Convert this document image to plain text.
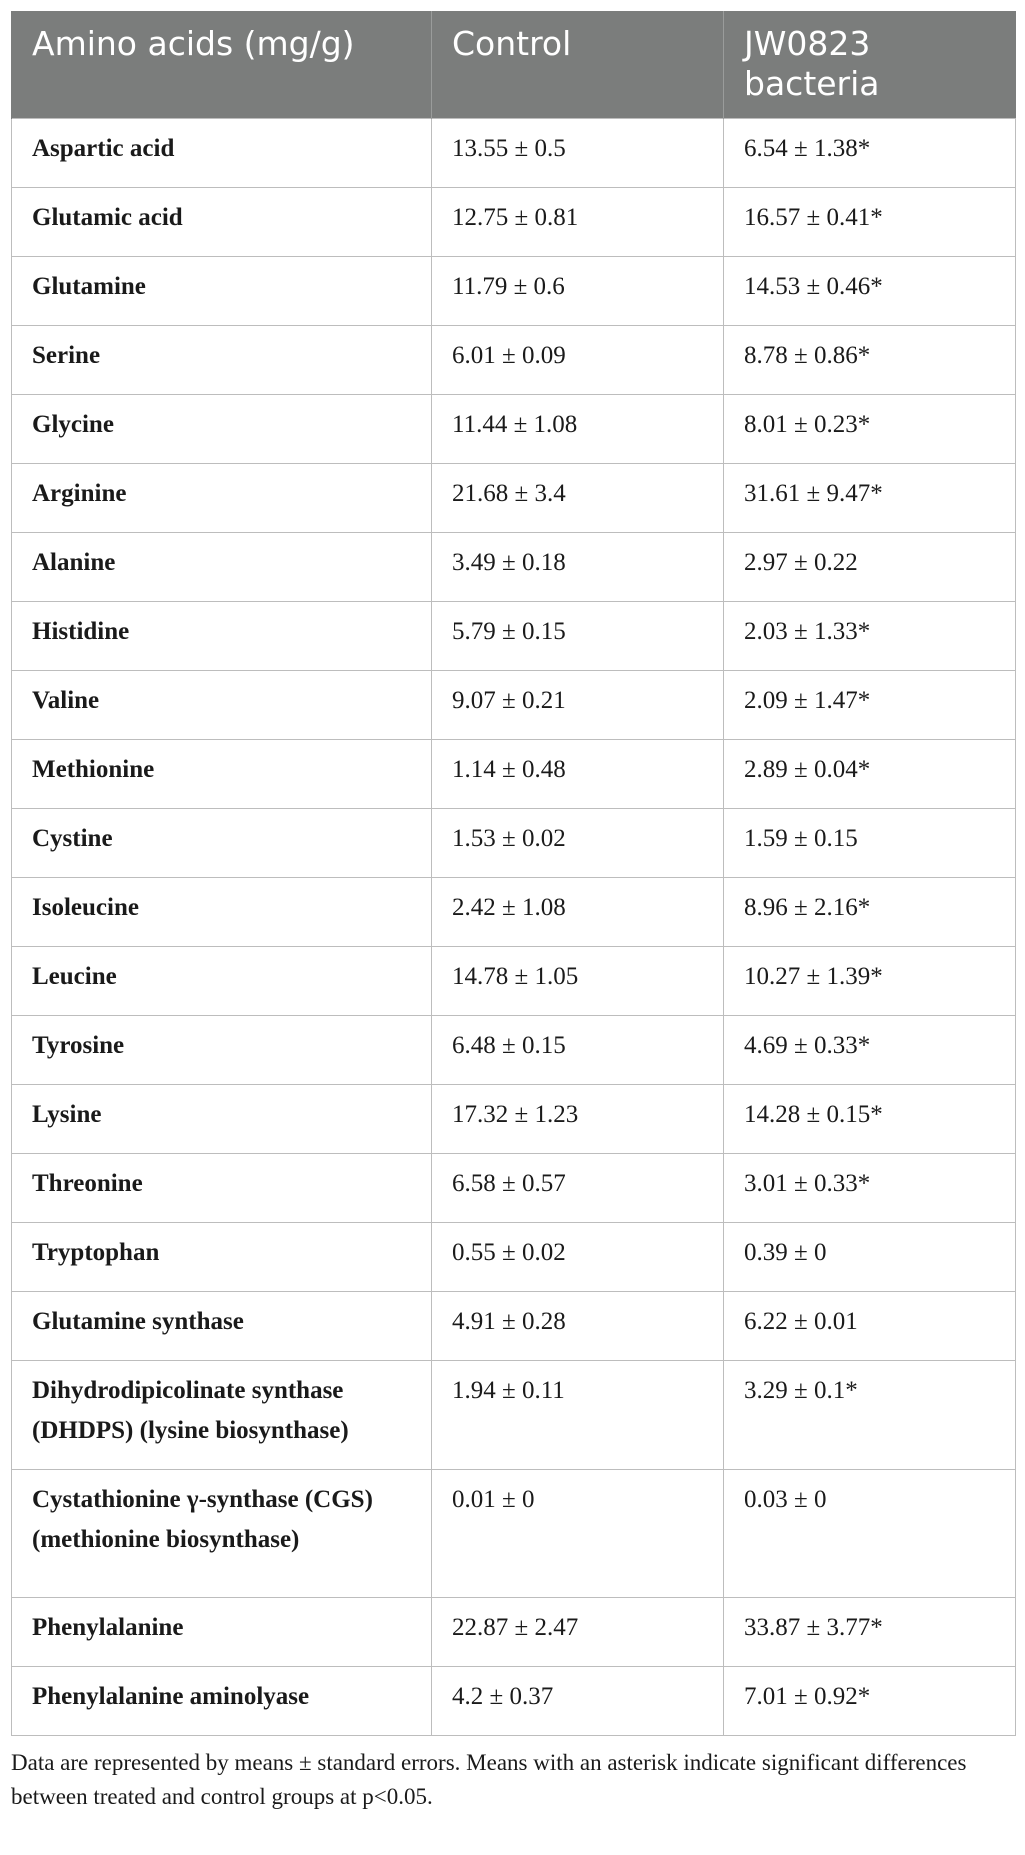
Amino acids (mg/g)	Control	JW0823 bacteria
Aspartic acid	13.55 ± 0.5	6.54 ± 1.38*
Glutamic acid	12.75 ± 0.81	16.57 ± 0.41*
Glutamine	11.79 ± 0.6	14.53 ± 0.46*
Serine	6.01 ± 0.09	8.78 ± 0.86*
Glycine	11.44 ± 1.08	8.01 ± 0.23*
Arginine	21.68 ± 3.4	31.61 ± 9.47*
Alanine	3.49 ± 0.18	2.97 ± 0.22
Histidine	5.79 ± 0.15	2.03 ± 1.33*
Valine	9.07 ± 0.21	2.09 ± 1.47*
Methionine	1.14 ± 0.48	2.89 ± 0.04*
Cystine	1.53 ± 0.02	1.59 ± 0.15
Isoleucine	2.42 ± 1.08	8.96 ± 2.16*
Leucine	14.78 ± 1.05	10.27 ± 1.39*
Tyrosine	6.48 ± 0.15	4.69 ± 0.33*
Lysine	17.32 ± 1.23	14.28 ± 0.15*
Threonine	6.58 ± 0.57	3.01 ± 0.33*
Tryptophan	0.55 ± 0.02	0.39 ± 0
Glutamine synthase	4.91 ± 0.28	6.22 ± 0.01
Dihydrodipicolinate synthase (DHDPS) (lysine biosynthase)	1.94 ± 0.11	3.29 ± 0.1*
Cystathionine γ-synthase (CGS) (methionine biosynthase)	0.01 ± 0	0.03 ± 0
Phenylalanine	22.87 ± 2.47	33.87 ± 3.77*
Phenylalanine aminolyase	4.2 ± 0.37	7.01 ± 0.92*
Data are represented by means ± standard errors. Means with an asterisk indicate significant differences between treated and control groups at p<0.05.
